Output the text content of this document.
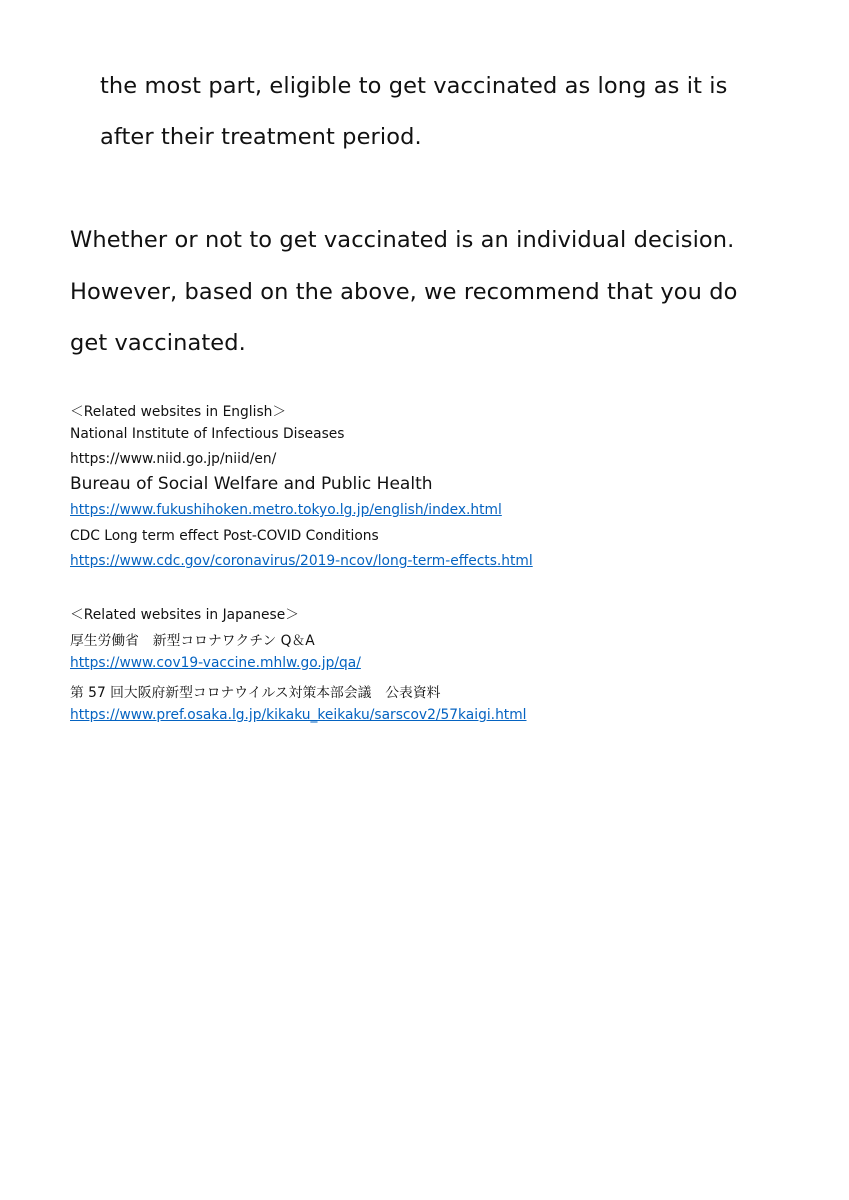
the most part, eligible to get vaccinated as long as it is
after their treatment period.
Whether or not to get vaccinated is an individual decision.
However, based on the above, we recommend that you do
get vaccinated.
＜Related websites in English＞
National Institute of Infectious Diseases
https://www.niid.go.jp/niid/en/
Bureau of Social Welfare and Public Health
https://www.fukushihoken.metro.tokyo.lg.jp/english/index.html
CDC Long term effect Post-COVID Conditions
https://www.cdc.gov/coronavirus/2019-ncov/long-term-effects.html
＜Related websites in Japanese＞
厚生労働省　新型コロナワクチン Q＆A
https://www.cov19-vaccine.mhlw.go.jp/qa/
第 57 回大阪府新型コロナウイルス対策本部会議　公表資料
https://www.pref.osaka.lg.jp/kikaku_keikaku/sarscov2/57kaigi.html
